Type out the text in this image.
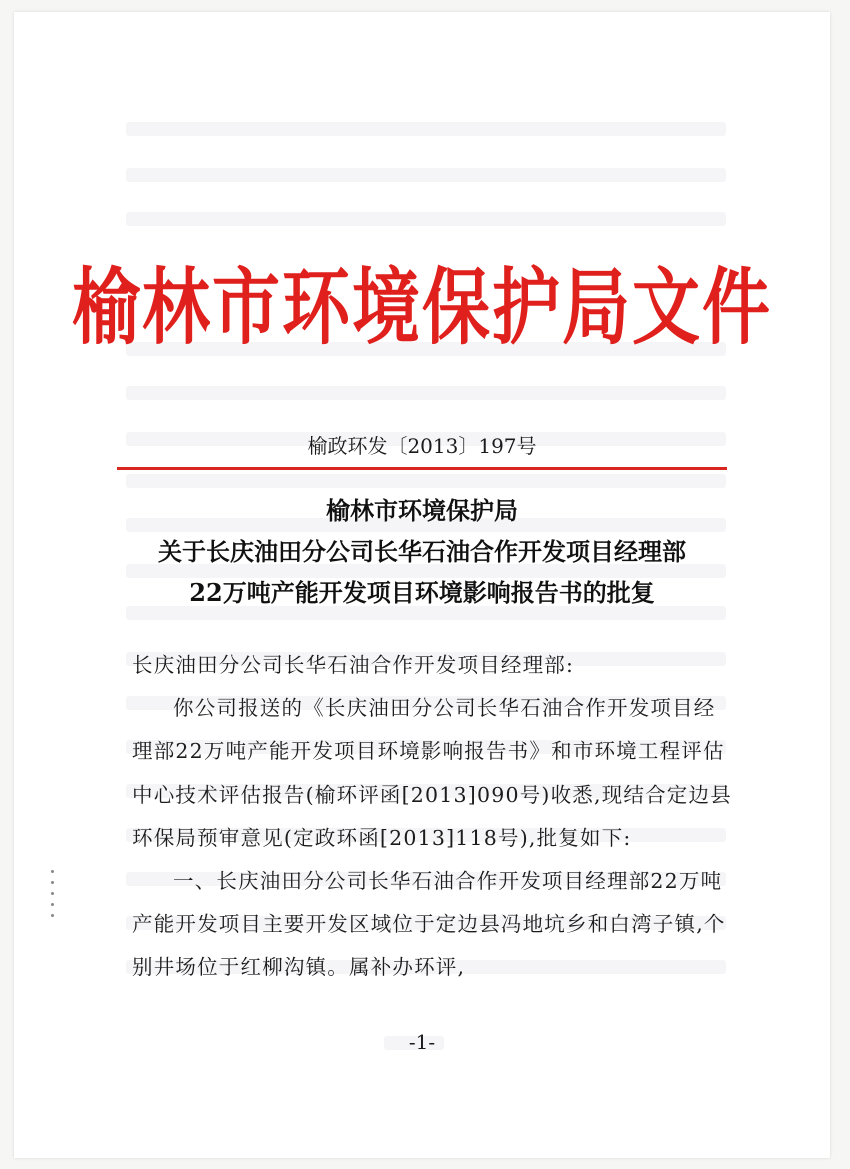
榆林市环境保护局文件
榆政环发〔2013〕197号
榆林市环境保护局
关于长庆油田分公司长华石油合作开发项目经理部
22万吨产能开发项目环境影响报告书的批复

长庆油田分公司长华石油合作开发项目经理部:

你公司报送的《长庆油田分公司长华石油合作开发项目经理部22万吨产能开发项目环境影响报告书》和市环境工程评估中心技术评估报告(榆环评函[2013]090号)收悉,现结合定边县环保局预审意见(定政环函[2013]118号),批复如下:

一、长庆油田分公司长华石油合作开发项目经理部22万吨产能开发项目主要开发区域位于定边县冯地坑乡和白湾子镇,个别井场位于红柳沟镇。属补办环评,

-1-
